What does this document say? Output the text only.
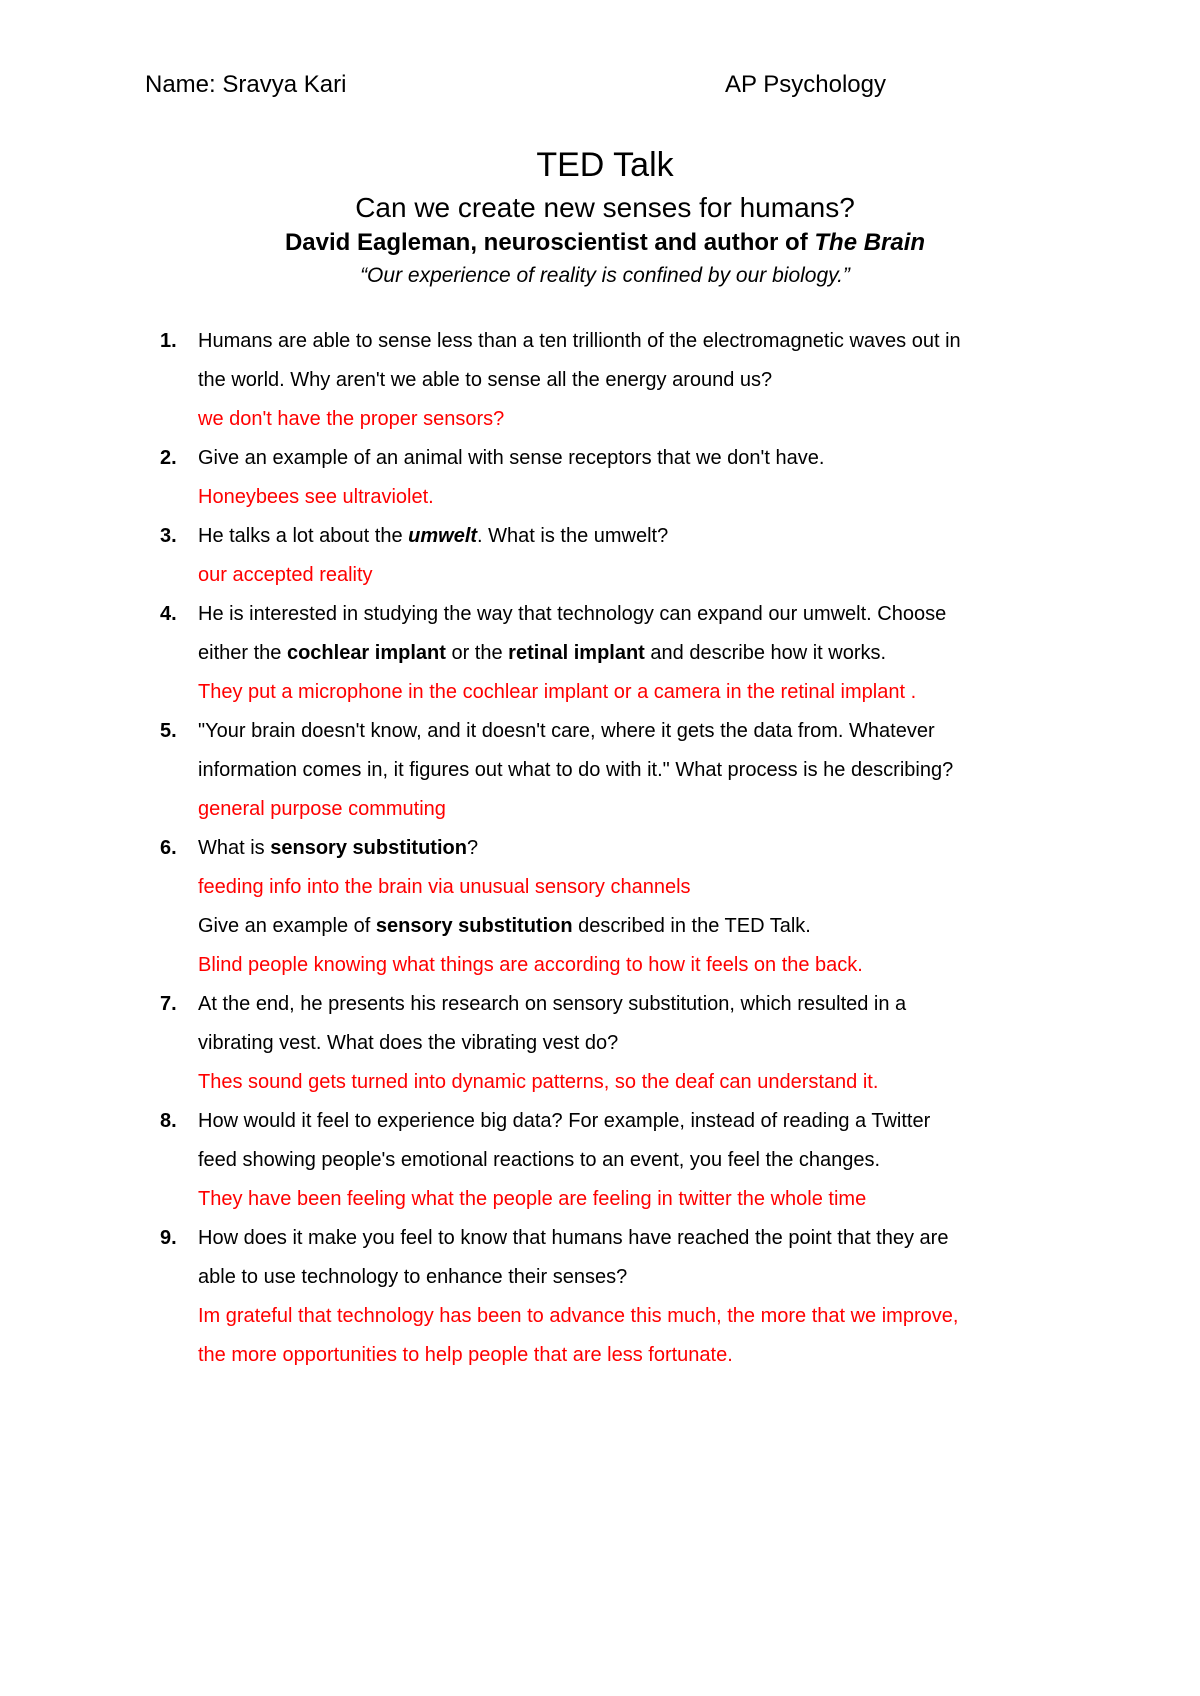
Name: Sravya Kari	AP Psychology
TED Talk
Can we create new senses for humans?
David Eagleman, neuroscientist and author of The Brain
“Our experience of reality is confined by our biology.”
1. Humans are able to sense less than a ten trillionth of the electromagnetic waves out in
the world. Why aren't we able to sense all the energy around us?
we don't have the proper sensors?
2. Give an example of an animal with sense receptors that we don't have.
Honeybees see ultraviolet.
3. He talks a lot about the umwelt. What is the umwelt?
our accepted reality
4. He is interested in studying the way that technology can expand our umwelt. Choose
either the cochlear implant or the retinal implant and describe how it works.
They put a microphone in the cochlear implant or a camera in the retinal implant .
5. "Your brain doesn't know, and it doesn't care, where it gets the data from. Whatever
information comes in, it figures out what to do with it." What process is he describing?
general purpose commuting
6. What is sensory substitution?
feeding info into the brain via unusual sensory channels
Give an example of sensory substitution described in the TED Talk.
Blind people knowing what things are according to how it feels on the back.
7. At the end, he presents his research on sensory substitution, which resulted in a
vibrating vest. What does the vibrating vest do?
Thes sound gets turned into dynamic patterns, so the deaf can understand it.
8. How would it feel to experience big data? For example, instead of reading a Twitter
feed showing people's emotional reactions to an event, you feel the changes.
They have been feeling what the people are feeling in twitter the whole time
9. How does it make you feel to know that humans have reached the point that they are
able to use technology to enhance their senses?
Im grateful that technology has been to advance this much, the more that we improve,
the more opportunities to help people that are less fortunate.
